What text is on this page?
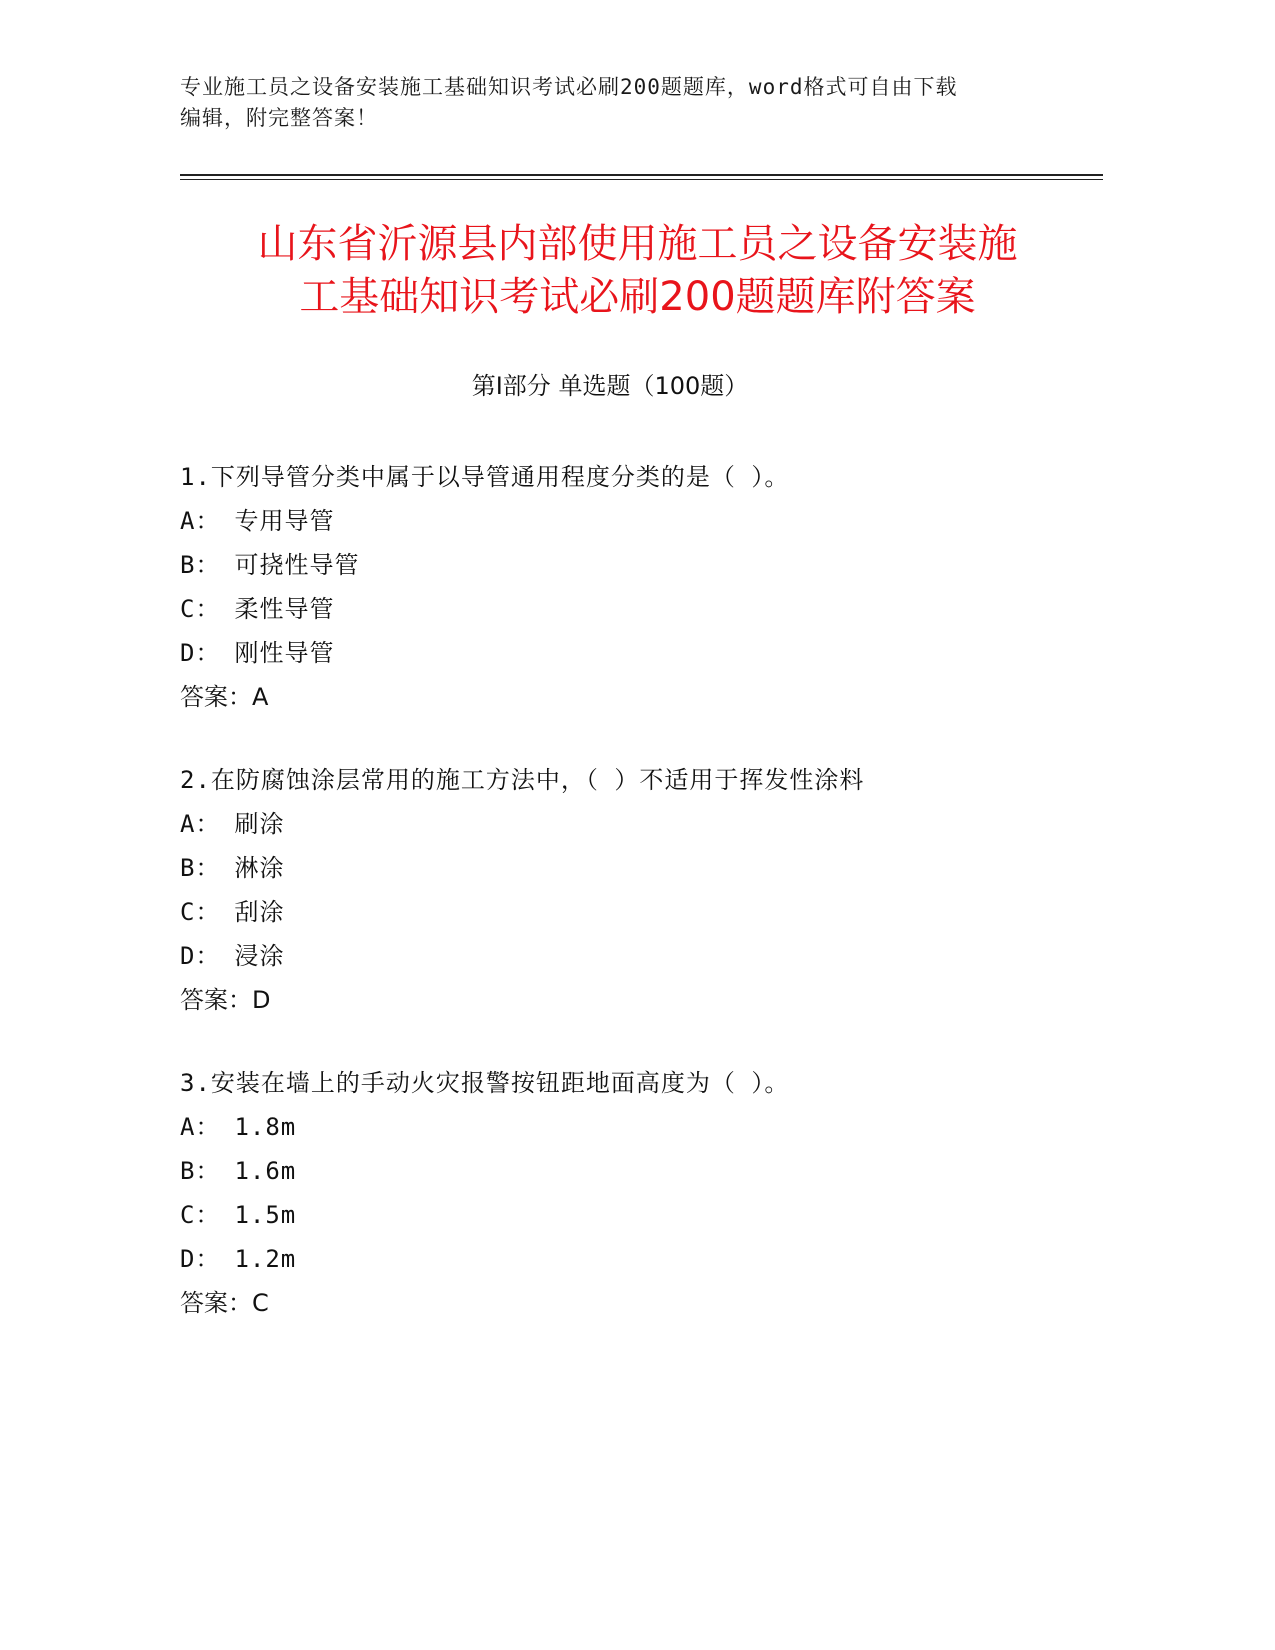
专业施工员之设备安装施工基础知识考试必刷200题题库，word格式可自由下载
编辑，附完整答案！
山东省沂源县内部使用施工员之设备安装施
工基础知识考试必刷200题题库附答案
第Ⅰ部分 单选题（100题）
1.下列导管分类中属于以导管通用程度分类的是（ ）。
A： 专用导管
B： 可挠性导管
C： 柔性导管
D： 刚性导管
答案：A
2.在防腐蚀涂层常用的施工方法中，（ ）不适用于挥发性涂料
A： 刷涂
B： 淋涂
C： 刮涂
D： 浸涂
答案：D
3.安装在墙上的手动火灾报警按钮距地面高度为（ ）。
A： 1.8m
B： 1.6m
C： 1.5m
D： 1.2m
答案：C
